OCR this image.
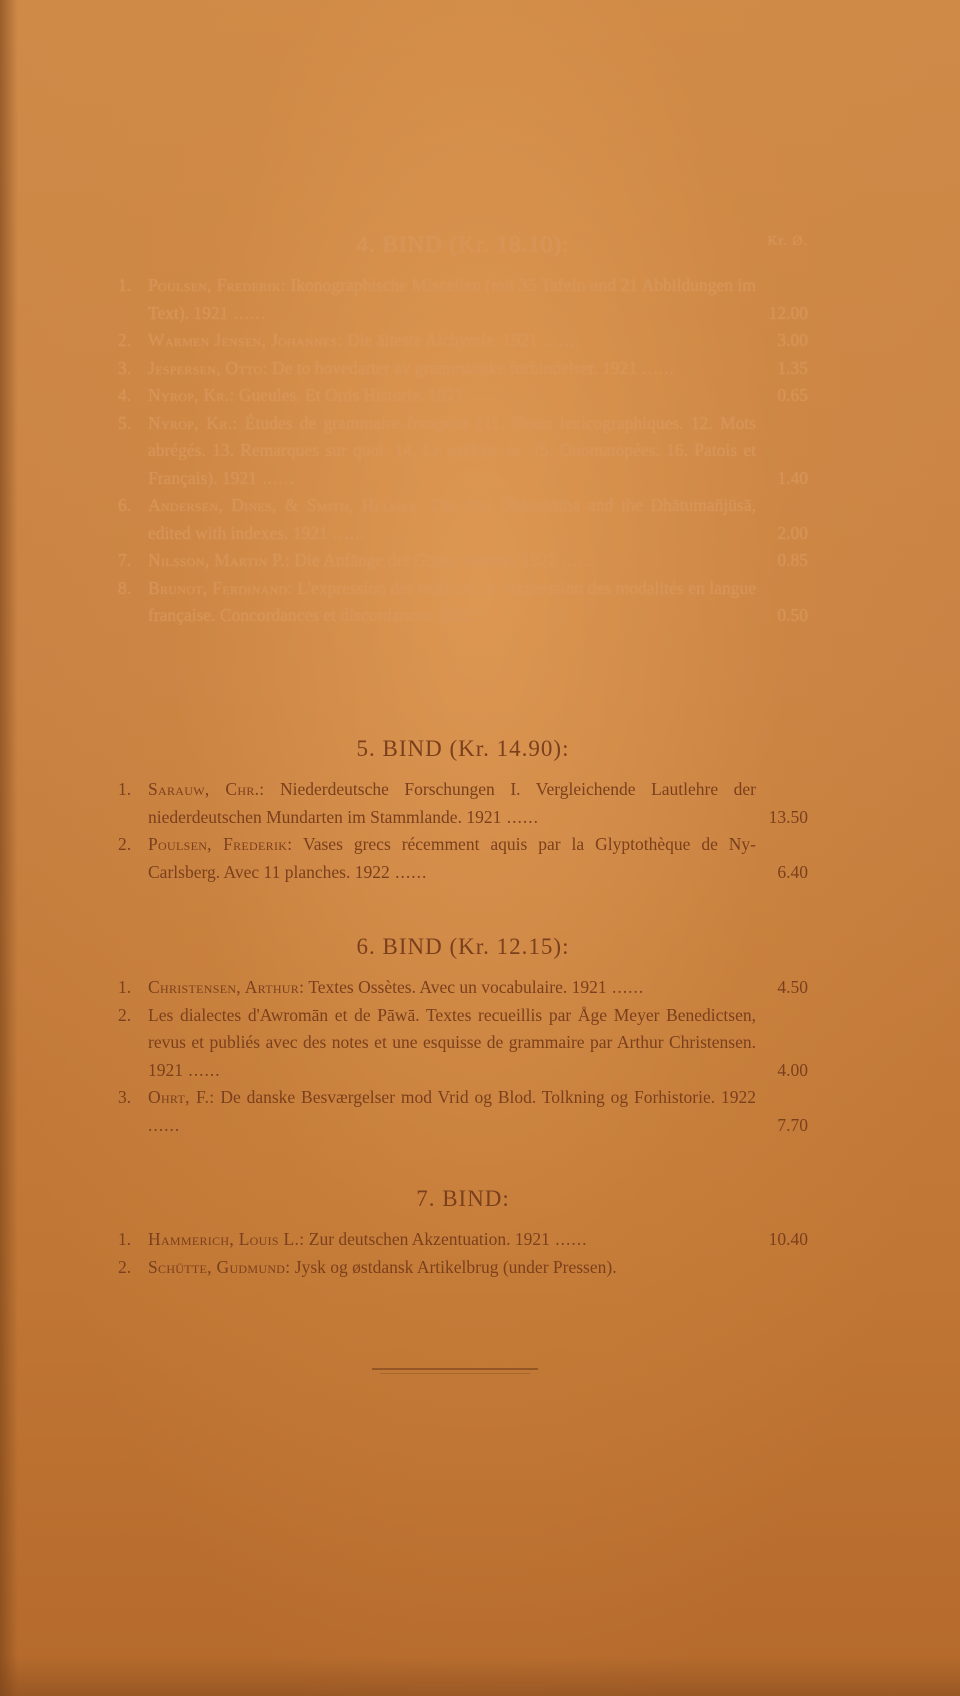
4. BIND (Kr. 18.10):	Kr. Ø.
1. Poulsen, Frederik: Ikonographische Miscellen (mit 35 Tafeln und 21 Abbildungen im Text). 1921 ......	12.00
2. Warmen Jensen, Johannes: Die älteste Alchymie. 1921 ......	3.00
3. Jespersen, Otto: De to hovedarter av grammatiske forbindelser. 1921 ......	1.35
4. Nyrop, Kr.: Gueules. Et Ords Historie. 1921 ......	0.65
5. Nyrop, Kr.: Études de grammaire française (11. Notes lexicographiques. 12. Mots abrégés. 13. Remarques sur quoi. 14. Le suffixe -ie. 15. Onomatopées. 16. Patois et Français). 1921 ......	1.40
6. Andersen, Dines, & Smith, Helmer: The Pali Dhātupāṭha and the Dhātumañjūsā, edited with indexes. 1921 ......	2.00
7. Nilsson, Martin P.: Die Anfänge der Göttin Athene. 1922 ......	0.85
8. Brunot, Ferdinand: L'expression des relations et l'expression des modalités en langue française. Concordances et discordances. 1922 ......	0.50
5. BIND (Kr. 14.90):
1. Sarauw, Chr.: Niederdeutsche Forschungen I. Vergleichende Lautlehre der niederdeutschen Mundarten im Stammlande. 1921 ......	13.50
2. Poulsen, Frederik: Vases grecs récemment aquis par la Glyptothèque de Ny-Carlsberg. Avec 11 planches. 1922 ......	6.40
6. BIND (Kr. 12.15):
1. Christensen, Arthur: Textes Ossètes. Avec un vocabulaire. 1921 ......	4.50
2. Les dialectes d'Awromān et de Pāwā. Textes recueillis par Åge Meyer Benedictsen, revus et publiés avec des notes et une esquisse de grammaire par Arthur Christensen. 1921 ......	4.00
3. Ohrt, F.: De danske Besværgelser mod Vrid og Blod. Tolkning og Forhistorie. 1922 ......	7.70
7. BIND:
1. Hammerich, Louis L.: Zur deutschen Akzentuation. 1921 ......	10.40
2. Schütte, Gudmund: Jysk og østdansk Artikelbrug (under Pressen).
